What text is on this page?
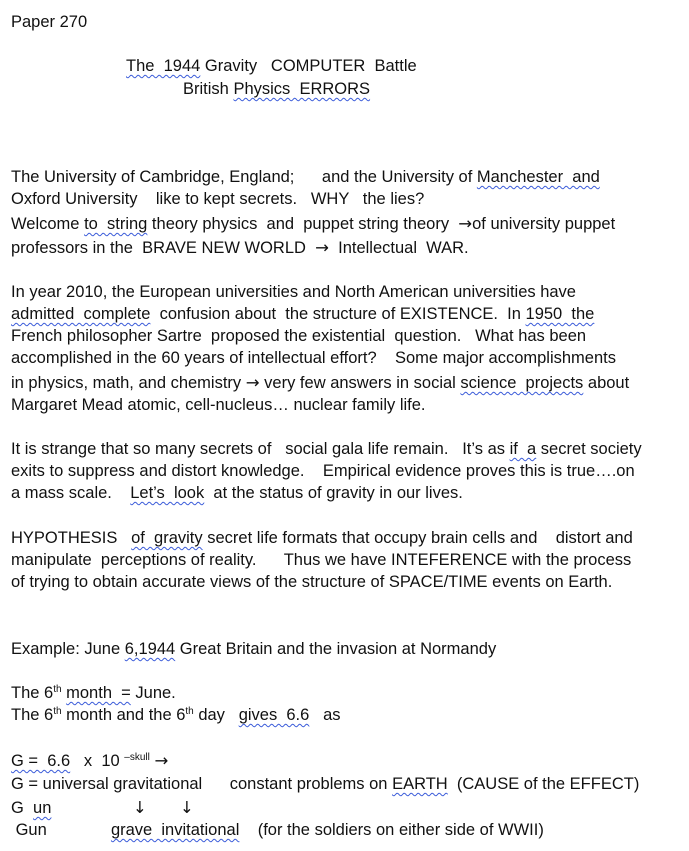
Paper 270
The  1944 Gravity   COMPUTER  Battle
British Physics  ERRORS
The University of Cambridge, England;      and the University of Manchester  and
Oxford University    like to kept secrets.   WHY   the lies?
Welcome to  string theory physics  and  puppet string theory  →of university puppet
professors in the  BRAVE NEW WORLD  →  Intellectual  WAR.
In year 2010, the European universities and North American universities have
admitted  complete  confusion about  the structure of EXISTENCE.  In 1950  the
French philosopher Sartre  proposed the existential  question.   What has been
accomplished in the 60 years of intellectual effort?    Some major accomplishments
in physics, math, and chemistry → very few answers in social science  projects about
Margaret Mead atomic, cell-nucleus… nuclear family life.
It is strange that so many secrets of   social gala life remain.   It’s as if  a secret society
exits to suppress and distort knowledge.    Empirical evidence proves this is true….on
a mass scale.    Let’s  look  at the status of gravity in our lives.
HYPOTHESIS   of  gravity secret life formats that occupy brain cells and    distort and
manipulate  perceptions of reality.      Thus we have INTEFERENCE with the process
of trying to obtain accurate views of the structure of SPACE/TIME events on Earth.
Example: June 6,1944 Great Britain and the invasion at Normandy
The 6th month  = June.
The 6th month and the 6th day   gives  6.6   as
G =  6.6   x  10 $^{-skull}$ →
G = universal gravitational      constant problems on EARTH  (CAUSE of the EFFECT)
G  un	↓ ↓
Gun              grave  invitational    (for the soldiers on either side of WWII)
